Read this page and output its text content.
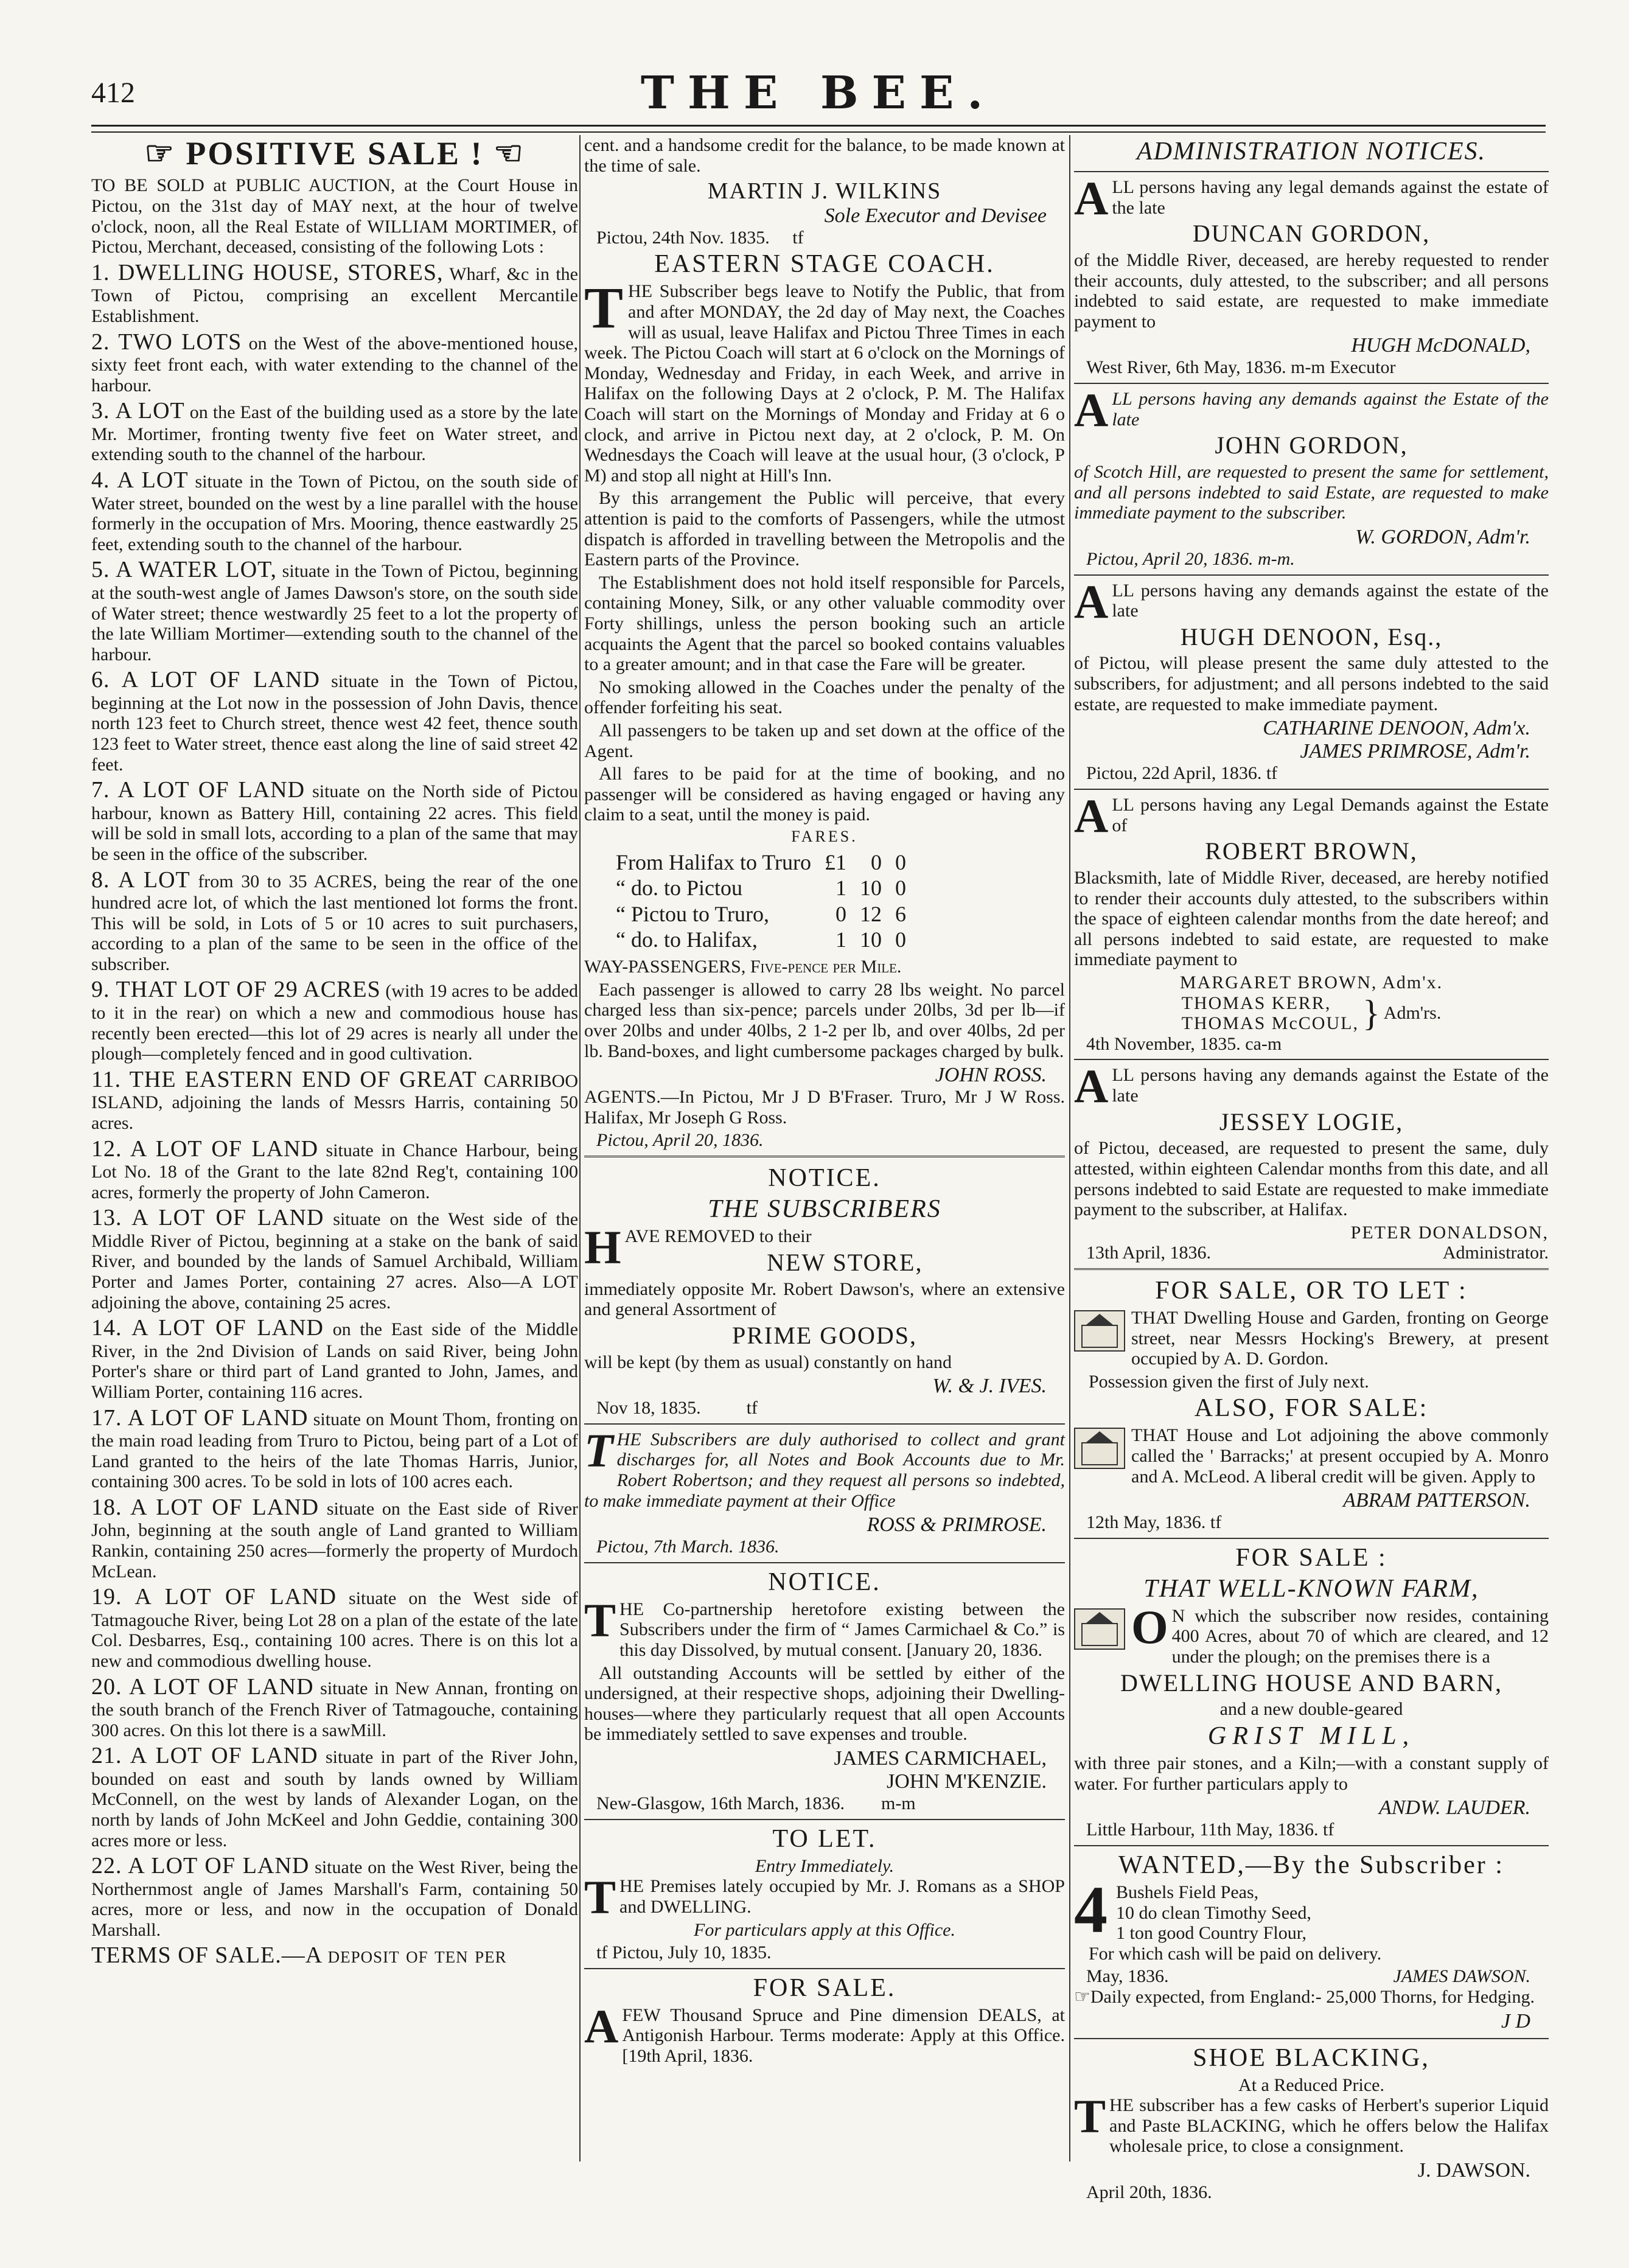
412	THE BEE.
☞ POSITIVE SALE ! ☜

TO BE SOLD at PUBLIC AUCTION, at the Court House in Pictou, on the 31st day of MAY next, at the hour of twelve o'clock, noon, all the Real Estate of WILLIAM MORTIMER, of Pictou, Merchant, deceased, consisting of the following Lots :

1. DWELLING HOUSE, STORES, Wharf, &c in the Town of Pictou, comprising an excellent Mercantile Establishment.

2. TWO LOTS on the West of the above-mentioned house, sixty feet front each, with water extending to the channel of the harbour.

3. A LOT on the East of the building used as a store by the late Mr. Mortimer, fronting twenty five feet on Water street, and extending south to the channel of the harbour.

4. A LOT situate in the Town of Pictou, on the south side of Water street, bounded on the west by a line parallel with the house formerly in the occupation of Mrs. Mooring, thence eastwardly 25 feet, extending south to the channel of the harbour.

5. A WATER LOT, situate in the Town of Pictou, beginning at the south-west angle of James Dawson's store, on the south side of Water street; thence westwardly 25 feet to a lot the property of the late William Mortimer—extending south to the channel of the harbour.

6. A LOT OF LAND situate in the Town of Pictou, beginning at the Lot now in the possession of John Davis, thence north 123 feet to Church street, thence west 42 feet, thence south 123 feet to Water street, thence east along the line of said street 42 feet.

7. A LOT OF LAND situate on the North side of Pictou harbour, known as Battery Hill, containing 22 acres. This field will be sold in small lots, according to a plan of the same that may be seen in the office of the subscriber.

8. A LOT from 30 to 35 ACRES, being the rear of the one hundred acre lot, of which the last mentioned lot forms the front. This will be sold, in Lots of 5 or 10 acres to suit purchasers, according to a plan of the same to be seen in the office of the subscriber.

9. THAT LOT OF 29 ACRES (with 19 acres to be added to it in the rear) on which a new and commodious house has recently been erected—this lot of 29 acres is nearly all under the plough—completely fenced and in good cultivation.

11. THE EASTERN END OF GREAT CARRIBOO ISLAND, adjoining the lands of Messrs Harris, containing 50 acres.

12. A LOT OF LAND situate in Chance Harbour, being Lot No. 18 of the Grant to the late 82nd Reg't, containing 100 acres, formerly the property of John Cameron.

13. A LOT OF LAND situate on the West side of the Middle River of Pictou, beginning at a stake on the bank of said River, and bounded by the lands of Samuel Archibald, William Porter and James Porter, containing 27 acres. Also—A LOT adjoining the above, containing 25 acres.

14. A LOT OF LAND on the East side of the Middle River, in the 2nd Division of Lands on said River, being John Porter's share or third part of Land granted to John, James, and William Porter, containing 116 acres.

17. A LOT OF LAND situate on Mount Thom, fronting on the main road leading from Truro to Pictou, being part of a Lot of Land granted to the heirs of the late Thomas Harris, Junior, containing 300 acres. To be sold in lots of 100 acres each.

18. A LOT OF LAND situate on the East side of River John, beginning at the south angle of Land granted to William Rankin, containing 250 acres—formerly the property of Murdoch McLean.

19. A LOT OF LAND situate on the West side of Tatmagouche River, being Lot 28 on a plan of the estate of the late Col. Desbarres, Esq., containing 100 acres. There is on this lot a new and commodious dwelling house.

20. A LOT OF LAND situate in New Annan, fronting on the south branch of the French River of Tatmagouche, containing 300 acres. On this lot there is a sawMill.

21. A LOT OF LAND situate in part of the River John, bounded on east and south by lands owned by William McConnell, on the west by lands of Alexander Logan, on the north by lands of John McKeel and John Geddie, containing 300 acres more or less.

22. A LOT OF LAND situate on the West River, being the Northernmost angle of James Marshall's Farm, containing 50 acres, more or less, and now in the occupation of Donald Marshall.

TERMS OF SALE.—A deposit of ten per

cent. and a handsome credit for the balance, to be made known at the time of sale.

MARTIN J. WILKINS
Sole Executor and Devisee
Pictou, 24th Nov. 1835. tf
EASTERN STAGE COACH.

THE Subscriber begs leave to Notify the Public, that from and after MONDAY, the 2d day of May next, the Coaches will as usual, leave Halifax and Pictou Three Times in each week. The Pictou Coach will start at 6 o'clock on the Mornings of Monday, Wednesday and Friday, in each Week, and arrive in Halifax on the following Days at 2 o'clock, P. M. The Halifax Coach will start on the Mornings of Monday and Friday at 6 o clock, and arrive in Pictou next day, at 2 o'clock, P. M. On Wednesdays the Coach will leave at the usual hour, (3 o'clock, P M) and stop all night at Hill's Inn.

By this arrangement the Public will perceive, that every attention is paid to the comforts of Passengers, while the utmost dispatch is afforded in travelling between the Metropolis and the Eastern parts of the Province.

The Establishment does not hold itself responsible for Parcels, containing Money, Silk, or any other valuable commodity over Forty shillings, unless the person booking such an article acquaints the Agent that the parcel so booked contains valuables to a greater amount; and in that case the Fare will be greater.

No smoking allowed in the Coaches under the penalty of the offender forfeiting his seat.

All passengers to be taken up and set down at the office of the Agent.

All fares to be paid for at the time of booking, and no passenger will be considered as having engaged or having any claim to a seat, until the money is paid.

FARES.
From Halifax to Truro	£1	0	0
“ do. to Pictou	1	10	0
“ Pictou to Truro,	0	12	6
“ do. to Halifax,	1	10	0

WAY-PASSENGERS, Five-pence per Mile.

Each passenger is allowed to carry 28 lbs weight. No parcel charged less than six-pence; parcels under 20lbs, 3d per lb—if over 20lbs and under 40lbs, 2 1-2 per lb, and over 40lbs, 2d per lb. Band-boxes, and light cumbersome packages charged by bulk.

JOHN ROSS.

AGENTS.—In Pictou, Mr J D B'Fraser. Truro, Mr J W Ross. Halifax, Mr Joseph G Ross.

Pictou, April 20, 1836.
NOTICE.
THE SUBSCRIBERS

HAVE REMOVED to their

NEW STORE,

immediately opposite Mr. Robert Dawson's, where an extensive and general Assortment of

PRIME GOODS,

will be kept (by them as usual) constantly on hand

W. & J. IVES.
Nov 18, 1835.	tf

THE Subscribers are duly authorised to collect and grant discharges for, all Notes and Book Accounts due to Mr. Robert Robertson; and they request all persons so indebted, to make immediate payment at their Office

ROSS & PRIMROSE.
Pictou, 7th March. 1836.
NOTICE.

THE Co-partnership heretofore existing between the Subscribers under the firm of “ James Carmichael & Co.” is this day Dissolved, by mutual consent. [January 20, 1836.

All outstanding Accounts will be settled by either of the undersigned, at their respective shops, adjoining their Dwelling-houses—where they particularly request that all open Accounts be immediately settled to save expenses and trouble.

JAMES CARMICHAEL,
JOHN M'KENZIE.
New-Glasgow, 16th March, 1836. m-m
TO LET.
Entry Immediately.

THE Premises lately occupied by Mr. J. Romans as a SHOP and DWELLING.

For particulars apply at this Office.

tf Pictou, July 10, 1835.
FOR SALE.

AFEW Thousand Spruce and Pine dimension DEALS, at Antigonish Harbour. Terms moderate: Apply at this Office. [19th April, 1836.

ADMINISTRATION NOTICES.

ALL persons having any legal demands against the estate of the late

DUNCAN GORDON,

of the Middle River, deceased, are hereby requested to render their accounts, duly attested, to the subscriber; and all persons indebted to said estate, are requested to make immediate payment to

HUGH McDONALD,
West River, 6th May, 1836. m-m Executor

ALL persons having any demands against the Estate of the late

JOHN GORDON,

of Scotch Hill, are requested to present the same for settlement, and all persons indebted to said Estate, are requested to make immediate payment to the subscriber.

W. GORDON, Adm'r.
Pictou, April 20, 1836. m-m.

ALL persons having any demands against the estate of the late

HUGH DENOON, Esq.,

of Pictou, will please present the same duly attested to the subscribers, for adjustment; and all persons indebted to the said estate, are requested to make immediate payment.

CATHARINE DENOON, Adm'x.
JAMES PRIMROSE, Adm'r.
Pictou, 22d April, 1836. tf

ALL persons having any Legal Demands against the Estate of

ROBERT BROWN,

Blacksmith, late of Middle River, deceased, are hereby notified to render their accounts duly attested, to the subscribers within the space of eighteen calendar months from the date hereof; and all persons indebted to said estate, are requested to make immediate payment to

MARGARET BROWN, Adm'x.
THOMAS KERR,
THOMAS McCOUL, } Adm'rs.
4th November, 1835. ca-m

ALL persons having any demands against the Estate of the late

JESSEY LOGIE,

of Pictou, deceased, are requested to present the same, duly attested, within eighteen Calendar months from this date, and all persons indebted to said Estate are requested to make immediate payment to the subscriber, at Halifax.

PETER DONALDSON,
13th April, 1836.	Administrator.
FOR SALE, OR TO LET :

THAT Dwelling House and Garden, fronting on George street, near Messrs Hocking's Brewery, at present occupied by A. D. Gordon.

Possession given the first of July next.

ALSO, FOR SALE:

THAT House and Lot adjoining the above commonly called the ' Barracks;' at present occupied by A. Monro and A. McLeod. A liberal credit will be given. Apply to

ABRAM PATTERSON.
12th May, 1836. tf
FOR SALE :
THAT WELL-KNOWN FARM,

O N which the subscriber now resides, containing 400 Acres, about 70 of which are cleared, and 12 under the plough; on the premises there is a

DWELLING HOUSE AND BARN,
and a new double-geared
GRIST MILL,

with three pair stones, and a Kiln;—with a constant supply of water. For further particulars apply to

ANDW. LAUDER.
Little Harbour, 11th May, 1836. tf
WANTED,—By the Subscriber :
4 Bushels Field Peas,
10 do clean Timothy Seed,
1 ton good Country Flour,

For which cash will be paid on delivery.

May, 1836.	JAMES DAWSON.

☞Daily expected, from England:- 25,000 Thorns, for Hedging.

J D
SHOE BLACKING,
At a Reduced Price.

THE subscriber has a few casks of Herbert's superior Liquid and Paste BLACKING, which he offers below the Halifax wholesale price, to close a consignment.

J. DAWSON.
April 20th, 1836.
